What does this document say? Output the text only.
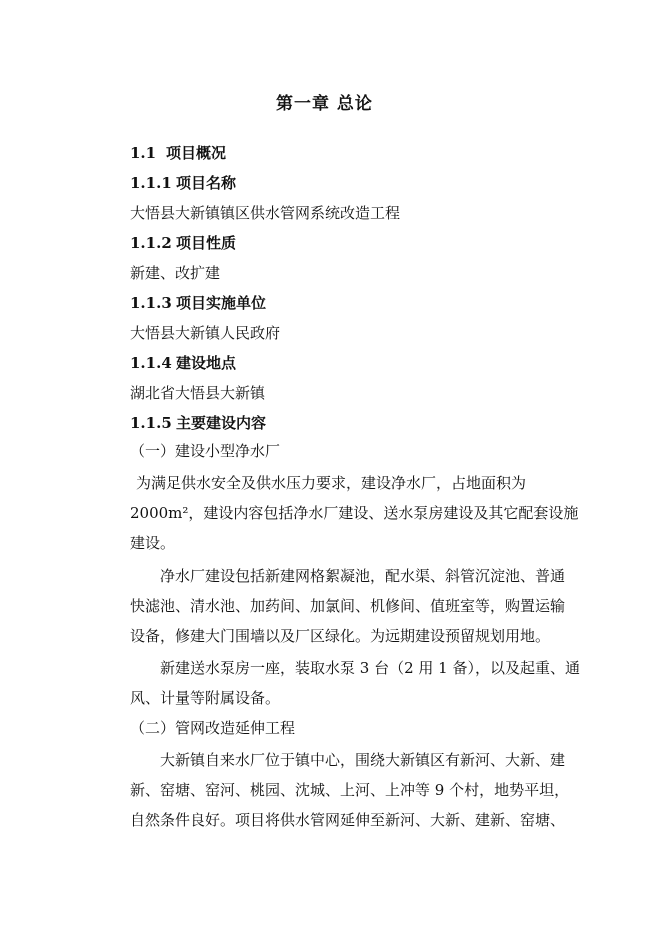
第一章 总论
1.1 项目概况
1.1.1 项目名称
大悟县大新镇镇区供水管网系统改造工程
1.1.2 项目性质
新建、改扩建
1.1.3 项目实施单位
大悟县大新镇人民政府
1.1.4 建设地点
湖北省大悟县大新镇
1.1.5 主要建设内容
（一）建设小型净水厂
为满足供水安全及供水压力要求，建设净水厂，占地面积为
2000m²，建设内容包括净水厂建设、送水泵房建设及其它配套设施
建设。
净水厂建设包括新建网格絮凝池，配水渠、斜管沉淀池、普通
快滤池、清水池、加药间、加氯间、机修间、值班室等，购置运输
设备，修建大门围墙以及厂区绿化。为远期建设预留规划用地。
新建送水泵房一座，装取水泵 3 台（2 用 1 备），以及起重、通
风、计量等附属设备。
（二）管网改造延伸工程
大新镇自来水厂位于镇中心，围绕大新镇区有新河、大新、建
新、窑塘、窑河、桃园、沈城、上河、上冲等 9 个村，地势平坦，
自然条件良好。项目将供水管网延伸至新河、大新、建新、窑塘、
